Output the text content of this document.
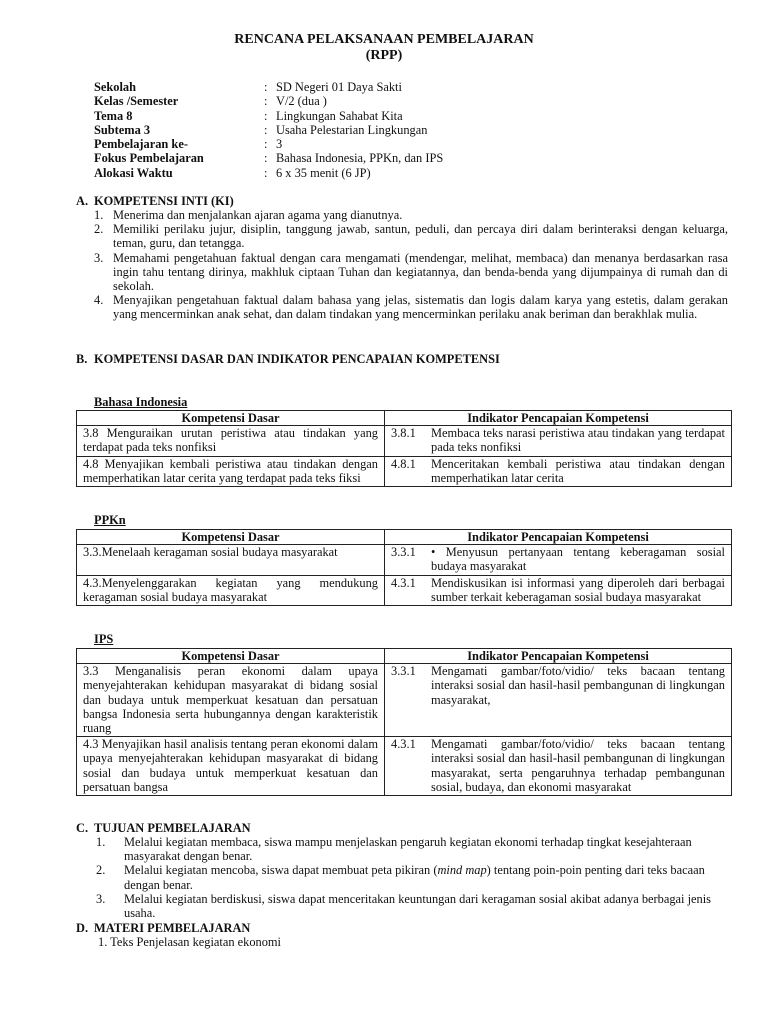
RENCANA PELAKSANAAN PEMBELAJARAN
(RPP)
Sekolah	: SD Negeri 01 Daya Sakti
Kelas /Semester	: V/2 (dua )
Tema 8	: Lingkungan Sahabat Kita
Subtema 3	: Usaha Pelestarian Lingkungan
Pembelajaran ke-	: 3
Fokus Pembelajaran	: Bahasa Indonesia, PPKn, dan IPS
Alokasi Waktu	: 6 x 35 menit (6 JP)
A. KOMPETENSI INTI (KI)
1. Menerima dan menjalankan ajaran agama yang dianutnya.
2. Memiliki perilaku jujur, disiplin, tanggung jawab, santun, peduli, dan percaya diri dalam berinteraksi dengan keluarga, teman, guru, dan tetangga.
3. Memahami pengetahuan faktual dengan cara mengamati (mendengar, melihat, membaca) dan menanya berdasarkan rasa ingin tahu tentang dirinya, makhluk ciptaan Tuhan dan kegiatannya, dan benda-benda yang dijumpainya di rumah dan di sekolah.
4. Menyajikan pengetahuan faktual dalam bahasa yang jelas, sistematis dan logis dalam karya yang estetis, dalam gerakan yang mencerminkan anak sehat, dan dalam tindakan yang mencerminkan perilaku anak beriman dan berakhlak mulia.
B. KOMPETENSI DASAR DAN INDIKATOR PENCAPAIAN KOMPETENSI
Bahasa Indonesia
Kompetensi Dasar	Indikator Pencapaian Kompetensi
3.8 Menguraikan urutan peristiwa atau tindakan yang terdapat pada teks nonfiksi	3.8.1 Membaca teks narasi peristiwa atau tindakan yang terdapat pada teks nonfiksi

4.8 Menyajikan kembali peristiwa atau tindakan dengan memperhatikan latar cerita yang terdapat pada teks fiksi	4.8.1 Menceritakan kembali peristiwa atau tindakan dengan memperhatikan latar cerita
PPKn
Kompetensi Dasar	Indikator Pencapaian Kompetensi
3.3.Menelaah keragaman sosial budaya masyarakat	3.3.1 • Menyusun pertanyaan tentang keberagaman sosial budaya masyarakat

4.3.Menyelenggarakan kegiatan yang mendukung keragaman sosial budaya masyarakat	4.3.1 Mendiskusikan isi informasi yang diperoleh dari berbagai sumber terkait keberagaman sosial budaya masyarakat
IPS
Kompetensi Dasar	Indikator Pencapaian Kompetensi
3.3 Menganalisis peran ekonomi dalam upaya menyejahterakan kehidupan masyarakat di bidang sosial dan budaya untuk memperkuat kesatuan dan persatuan bangsa Indonesia serta hubungannya dengan karakteristik ruang	3.3.1 Mengamati gambar/foto/vidio/ teks bacaan tentang interaksi sosial dan hasil-hasil pembangunan di lingkungan masyarakat,

4.3 Menyajikan hasil analisis tentang peran ekonomi dalam upaya menyejahterakan kehidupan masyarakat di bidang sosial dan budaya untuk memperkuat kesatuan dan persatuan bangsa	4.3.1 Mengamati gambar/foto/vidio/ teks bacaan tentang interaksi sosial dan hasil-hasil pembangunan di lingkungan masyarakat, serta pengaruhnya terhadap pembangunan sosial, budaya, dan ekonomi masyarakat
C. TUJUAN PEMBELAJARAN
1. Melalui kegiatan membaca, siswa mampu menjelaskan pengaruh kegiatan ekonomi terhadap tingkat kesejahteraan masyarakat dengan benar.
2. Melalui kegiatan mencoba, siswa dapat membuat peta pikiran (mind map) tentang poin-poin penting dari teks bacaan dengan benar.
3. Melalui kegiatan berdiskusi, siswa dapat menceritakan keuntungan dari keragaman sosial akibat adanya berbagai jenis usaha.
D. MATERI PEMBELAJARAN
1. Teks Penjelasan kegiatan ekonomi
